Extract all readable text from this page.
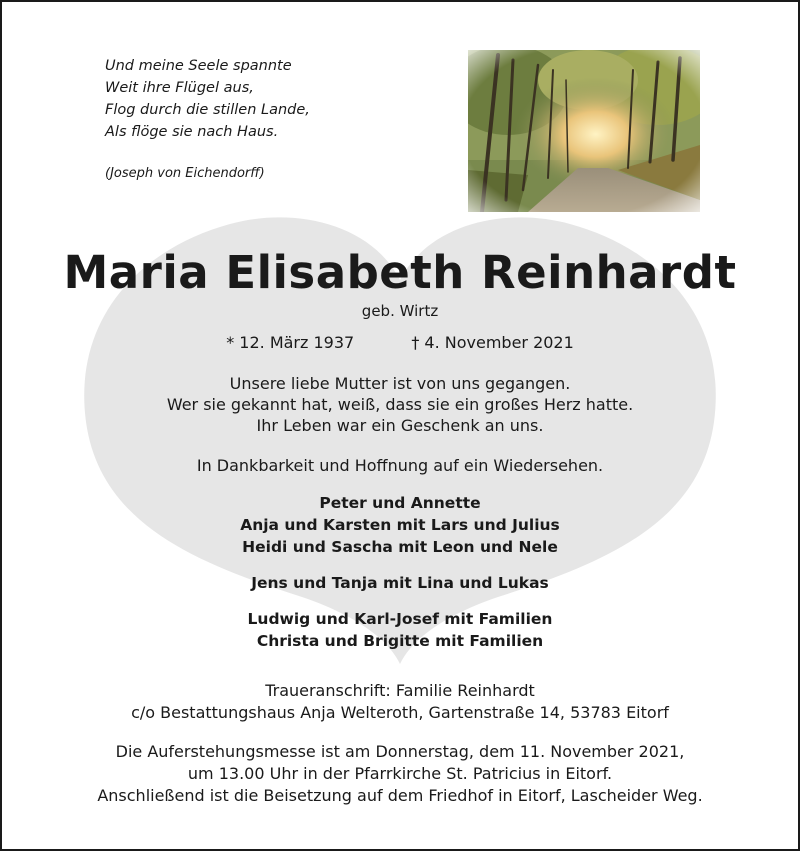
Und meine Seele spannte
Weit ihre Flügel aus,
Flog durch die stillen Lande,
Als flöge sie nach Haus.
(Joseph von Eichendorff)
Maria Elisabeth Reinhardt
geb. Wirtz
* 12. März 1937	† 4. November 2021
Unsere liebe Mutter ist von uns gegangen.
Wer sie gekannt hat, weiß, dass sie ein großes Herz hatte.
Ihr Leben war ein Geschenk an uns.
In Dankbarkeit und Hoffnung auf ein Wiedersehen.
Peter und Annette
Anja und Karsten mit Lars und Julius
Heidi und Sascha mit Leon und Nele
Jens und Tanja mit Lina und Lukas
Ludwig und Karl-Josef mit Familien
Christa und Brigitte mit Familien
Traueranschrift: Familie Reinhardt
c/o Bestattungshaus Anja Welteroth, Gartenstraße 14, 53783 Eitorf
Die Auferstehungsmesse ist am Donnerstag, dem 11. November 2021,
um 13.00 Uhr in der Pfarrkirche St. Patricius in Eitorf.
Anschließend ist die Beisetzung auf dem Friedhof in Eitorf, Lascheider Weg.
